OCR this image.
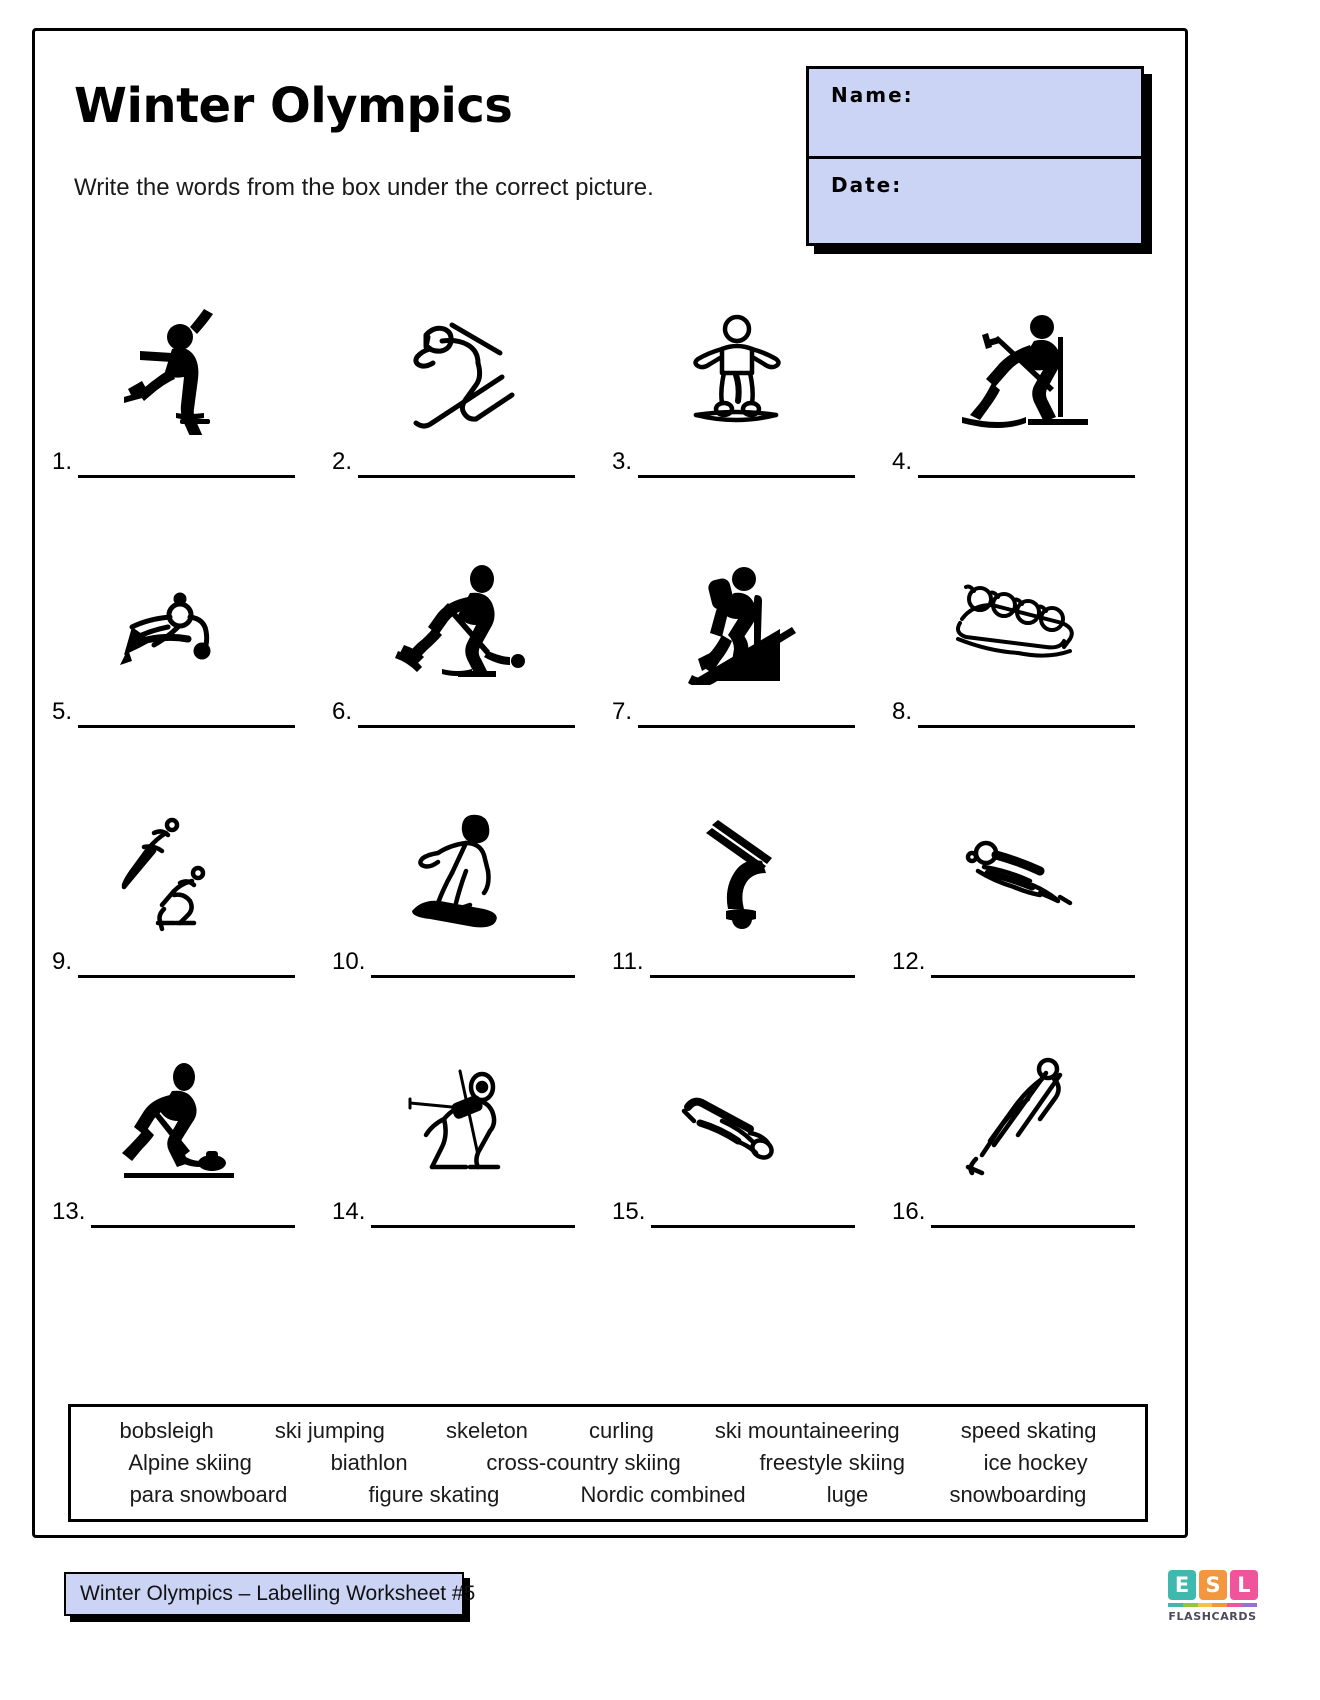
Winter Olympics
Write the words from the box under the correct picture.
Name:
Date:
1.	2.	3.	4.
5.	6.	7.	8.
9.	10.	11.	12.
13.	14.	15.	16.
bobsleigh	ski jumping	skeleton	curling	ski mountaineering	speed skating
Alpine skiing	biathlon	cross-country skiing	freestyle skiing	ice hockey
para snowboard	figure skating	Nordic combined	luge	snowboarding
Winter Olympics – Labelling Worksheet #5	E S L
FLASHCARDS
